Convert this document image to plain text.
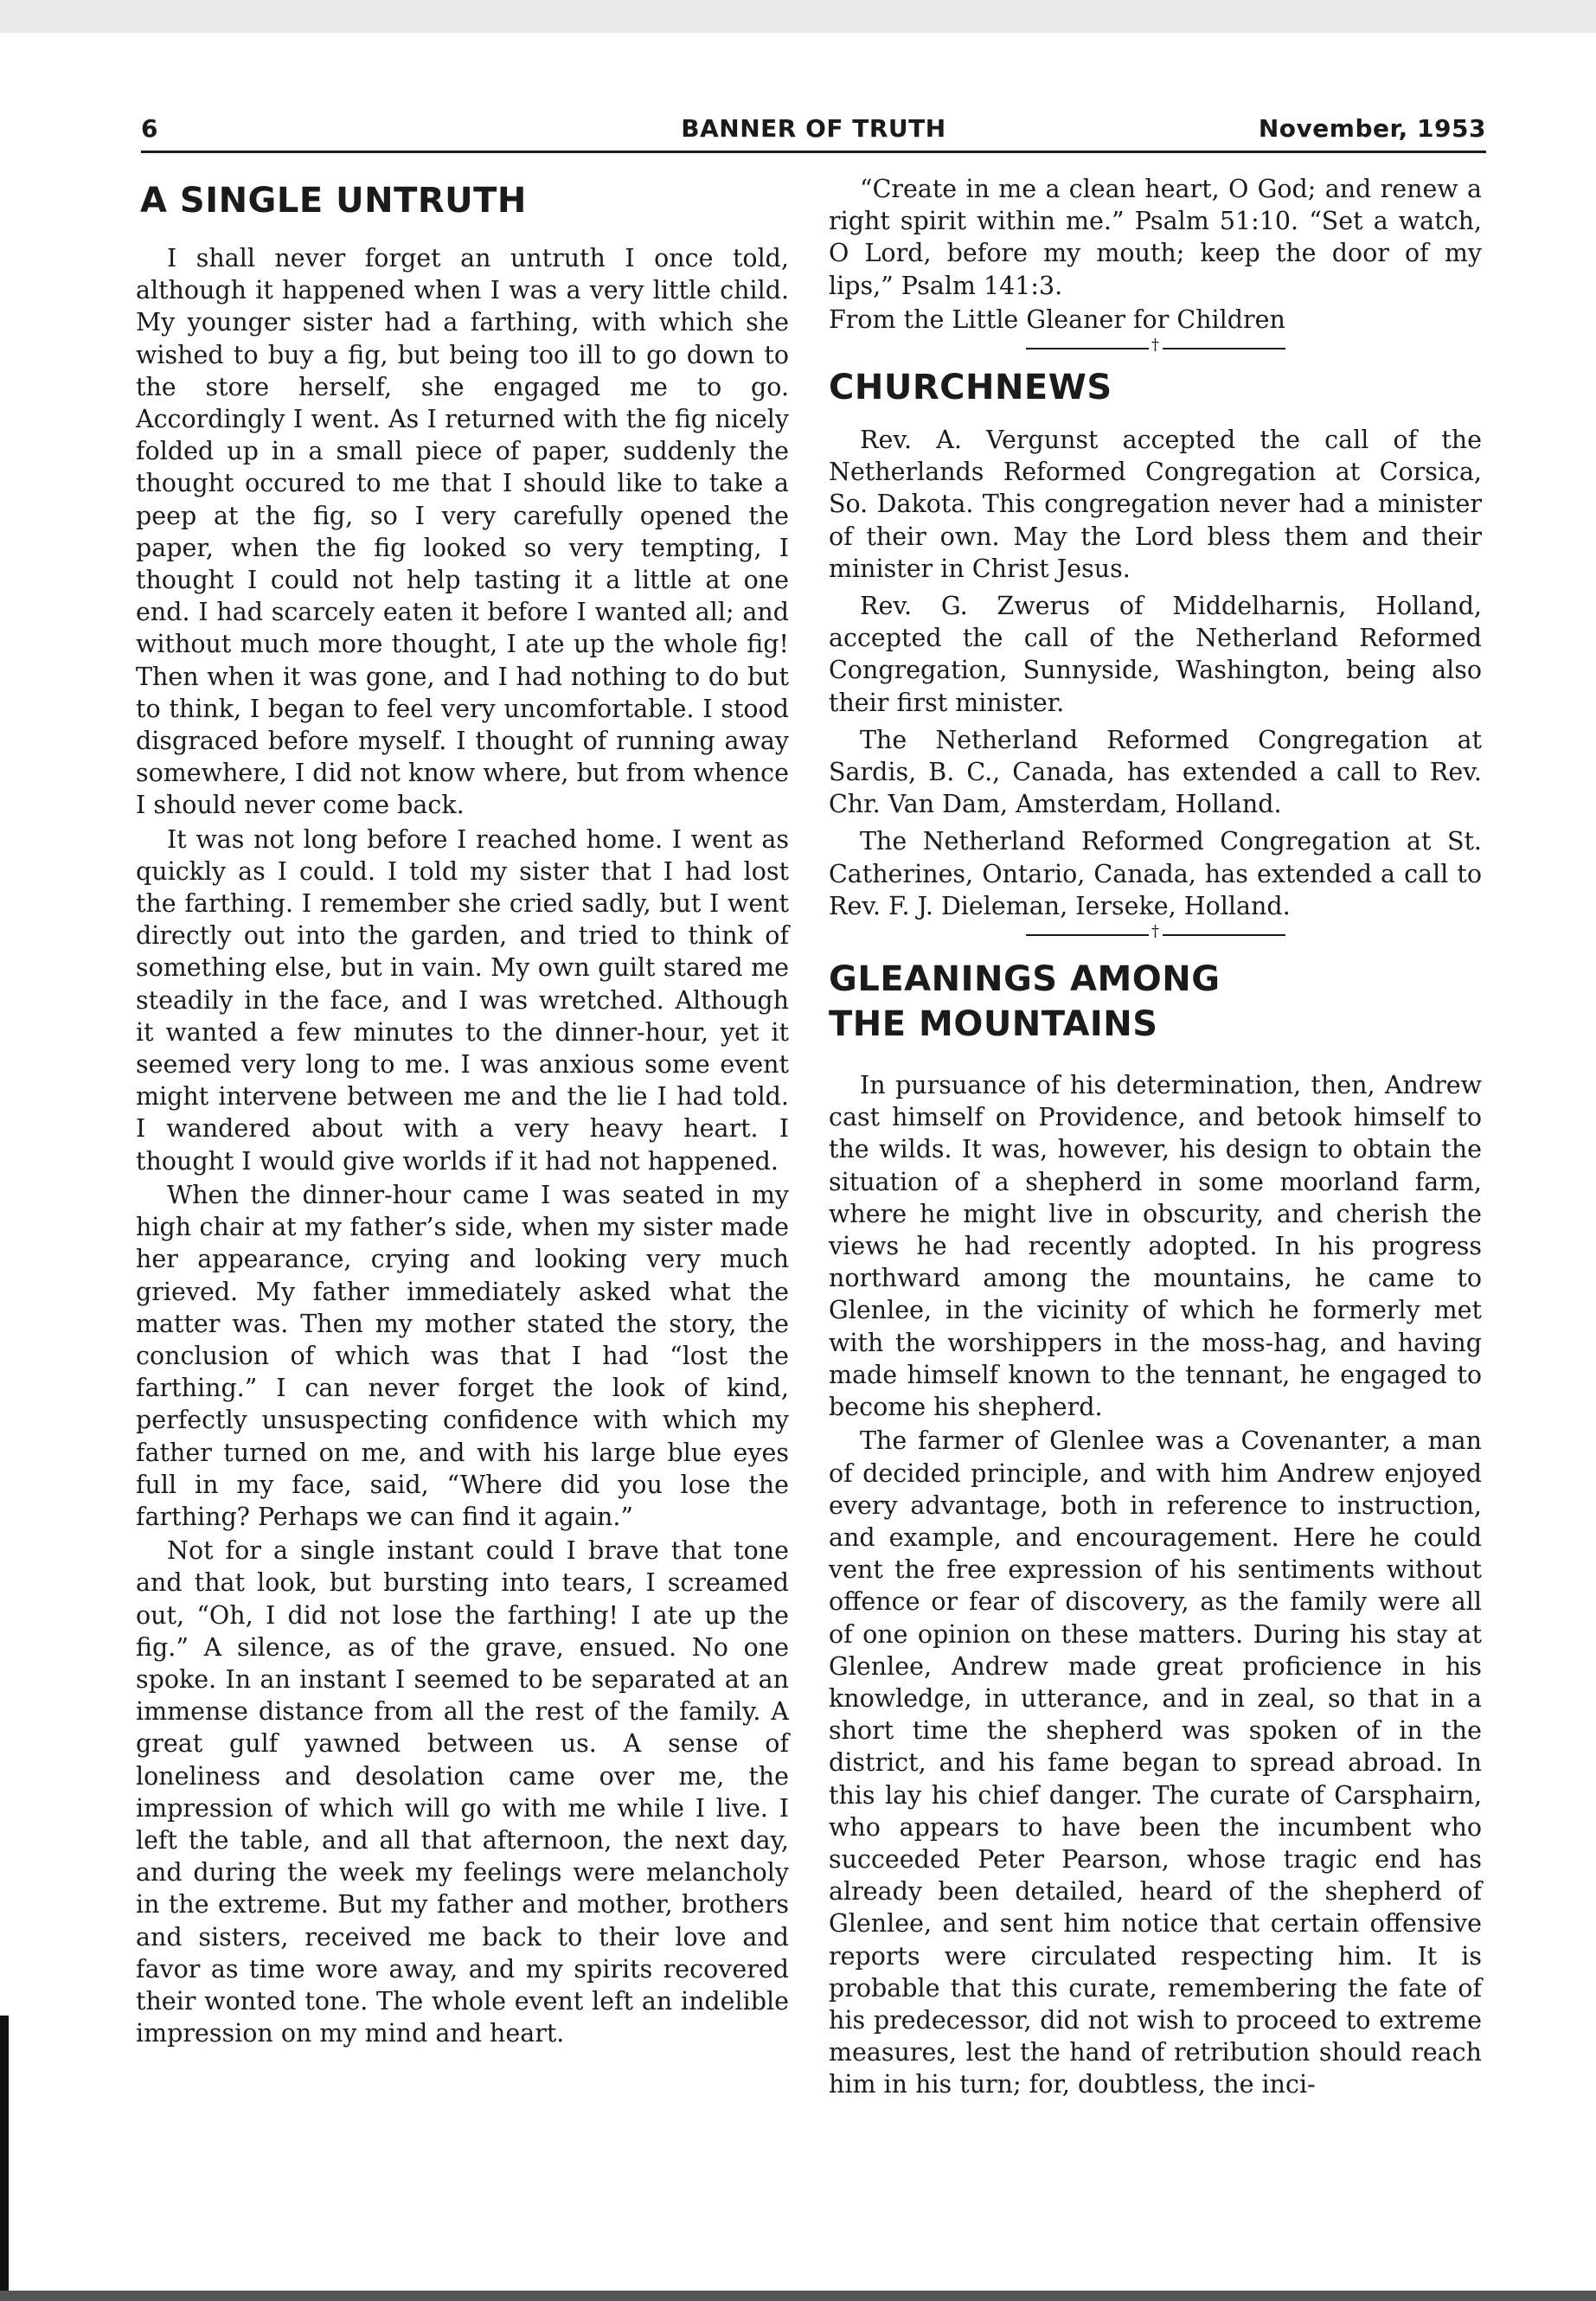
6	BANNER OF TRUTH	November, 1953
A SINGLE UNTRUTH

I shall never forget an untruth I once told, although it happened when I was a very little child. My younger sister had a farthing, with which she wished to buy a fig, but being too ill to go down to the store herself, she engaged me to go. Accordingly I went. As I returned with the fig nicely folded up in a small piece of paper, suddenly the thought occured to me that I should like to take a peep at the fig, so I very carefully opened the paper, when the fig looked so very tempting, I thought I could not help tasting it a little at one end. I had scarcely eaten it before I wanted all; and without much more thought, I ate up the whole fig! Then when it was gone, and I had nothing to do but to think, I began to feel very uncomfortable. I stood disgraced before myself. I thought of running away somewhere, I did not know where, but from whence I should never come back.

It was not long before I reached home. I went as quickly as I could. I told my sister that I had lost the farthing. I remember she cried sadly, but I went directly out into the garden, and tried to think of something else, but in vain. My own guilt stared me steadily in the face, and I was wretched. Although it wanted a few minutes to the dinner-hour, yet it seemed very long to me. I was anxious some event might intervene between me and the lie I had told. I wandered about with a very heavy heart. I thought I would give worlds if it had not happened.

When the dinner-hour came I was seated in my high chair at my father’s side, when my sister made her appearance, crying and looking very much grieved. My father immediately asked what the matter was. Then my mother stated the story, the conclusion of which was that I had “lost the farthing.” I can never forget the look of kind, perfectly unsuspecting confidence with which my father turned on me, and with his large blue eyes full in my face, said, “Where did you lose the farthing? Perhaps we can find it again.”

Not for a single instant could I brave that tone and that look, but bursting into tears, I screamed out, “Oh, I did not lose the farthing! I ate up the fig.” A silence, as of the grave, ensued. No one spoke. In an instant I seemed to be separated at an immense distance from all the rest of the family. A great gulf yawned between us. A sense of loneliness and desolation came over me, the impression of which will go with me while I live. I left the table, and all that afternoon, the next day, and during the week my feelings were melancholy in the extreme. But my father and mother, brothers and sisters, received me back to their love and favor as time wore away, and my spirits recovered their wonted tone. The whole event left an indelible impression on my mind and heart.

“Create in me a clean heart, O God; and renew a right spirit within me.” Psalm 51:10. “Set a watch, O Lord, before my mouth; keep the door of my lips,” Psalm 141:3.

From the Little Gleaner for Children

†
CHURCHNEWS

Rev. A. Vergunst accepted the call of the Netherlands Reformed Congregation at Corsica, So. Dakota. This congregation never had a minister of their own. May the Lord bless them and their minister in Christ Jesus.

Rev. G. Zwerus of Middelharnis, Holland, accepted the call of the Netherland Reformed Congregation, Sunnyside, Washington, being also their first minister.

The Netherland Reformed Congregation at Sardis, B. C., Canada, has extended a call to Rev. Chr. Van Dam, Amsterdam, Holland.

The Netherland Reformed Congregation at St. Catherines, Ontario, Canada, has extended a call to Rev. F. J. Dieleman, Ierseke, Holland.

†
GLEANINGS AMONG
THE MOUNTAINS

In pursuance of his determination, then, Andrew cast himself on Providence, and betook himself to the wilds. It was, however, his design to obtain the situation of a shepherd in some moorland farm, where he might live in obscurity, and cherish the views he had recently adopted. In his progress northward among the mountains, he came to Glenlee, in the vicinity of which he formerly met with the worshippers in the moss-hag, and having made himself known to the tennant, he engaged to become his shepherd.

The farmer of Glenlee was a Covenanter, a man of decided principle, and with him Andrew enjoyed every advantage, both in reference to instruction, and example, and encouragement. Here he could vent the free expression of his sentiments without offence or fear of discovery, as the family were all of one opinion on these matters. During his stay at Glenlee, Andrew made great proficience in his knowledge, in utterance, and in zeal, so that in a short time the shepherd was spoken of in the district, and his fame began to spread abroad. In this lay his chief danger. The curate of Carsphairn, who appears to have been the incumbent who succeeded Peter Pearson, whose tragic end has already been detailed, heard of the shepherd of Glenlee, and sent him notice that certain offensive reports were circulated respecting him. It is probable that this curate, remembering the fate of his predecessor, did not wish to proceed to extreme measures, lest the hand of retribution should reach him in his turn; for, doubtless, the inci-
